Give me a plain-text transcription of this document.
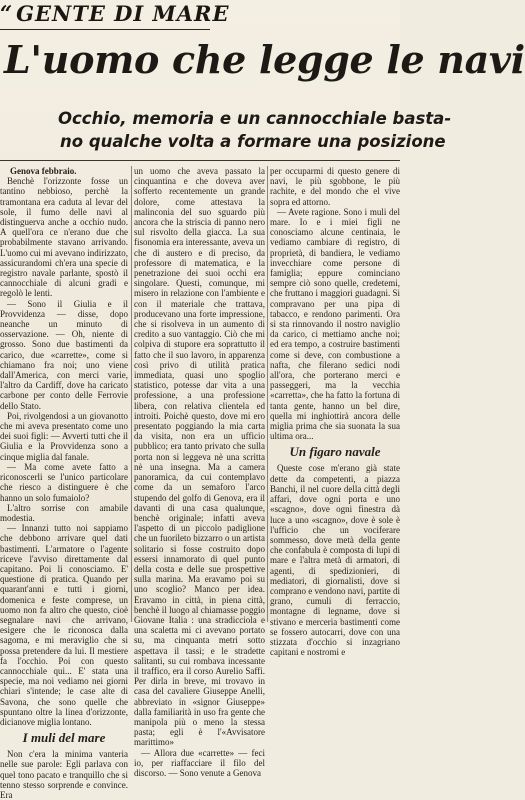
“ GENTE DI MARE
L'uomo che legge le navi
Occhio, memoria e un cannocchiale basta-
no qualche volta a formare una posizione

Genova febbraio.

Benchè l'orizzonte fosse un tantino nebbioso, perchè la tramontana era caduta al levar del sole, il fumo delle navi al distinguerva anche a occhio nudo. A quell'ora ce n'erano due che probabilmente stavano arrivando. L'uomo cui mi avevano indirizzato, assicurandomi ch'era una specie di registro navale parlante, spostò il cannocchiale di alcuni gradi e regolò le lenti.

— Sono il Giulia e il Provvidenza — disse, dopo neanche un minuto di osservazione. — Oh, niente di grosso. Sono due bastimenti da carico, due «carrette», come si chiamano fra noi; uno viene dall'America, con merci varie, l'altro da Cardiff, dove ha caricato carbone per conto delle Ferrovie dello Stato.

Poi, rivolgendosi a un giovanotto che mi aveva presentato come uno dei suoi figli: — Avverti tutti che il Giulia e la Provvidenza sono a cinque miglia dal fanale.

— Ma come avete fatto a riconoscerli se l'unico particolare che riesco a distinguere è che hanno un solo fumaiolo?

L'altro sorrise con amabile modestia.

— Innanzi tutto noi sappiamo che debbono arrivare quel dati bastimenti. L'armatore o l'agente riceve l'avviso direttamente dal capitano. Poi li conosciamo. E' questione di pratica. Quando per quarant'anni e tutti i giorni, domenica e feste comprese, un uomo non fa altro che questo, cioè segnalare navi che arrivano, esigere che le riconosca dalla sagoma, e mi meraviglio che si possa pretendere da lui. Il mestiere fa l'occhio. Poi con questo cannocchiale qui... E' stata una specie, ma noi vediamo nei giorni chiari s'intende; le case alte di Savona, che sono quelle che spuntano oltre la linea d'orizzonte, dicianove miglia lontano.

I muli del mare

Non c'era la minima vanteria nelle sue parole: Egli parlava con quel tono pacato e tranquillo che si tenno stesso sorprende e convince. Era

un uomo che aveva passato la cinquantina e che doveva aver sofferto recentemente un grande dolore, come attestava la malinconia del suo sguardo più ancora che la striscia di panno nero sul risvolto della giacca. La sua fisonomia era interessante, aveva un che di austero e di preciso, da professore di matematica, e la penetrazione dei suoi occhi era singolare. Questi, comunque, mi misero in relazione con l'ambiente e con il materiale che trattava, producevano una forte impressione, che si risolveva in un aumento di credito a suo vantaggio. Ciò che mi colpiva di stupore era soprattutto il fatto che il suo lavoro, in apparenza così privo di utilità pratica immediata, quasi uno spoglio statistico, potesse dar vita a una professione, a una professione libera, con relativa clientela ed introiti. Poichè questo, dove mi ero presentato poggiando la mia carta da visita, non era un ufficio pubblico; era tanto privato che sulla porta non si leggeva nè una scritta nè una insegna. Ma a camera panoramica, da cui contemplavo come da un semaforo l'arco stupendo del golfo di Genova, era il davanti di una casa qualunque, benchè originale; infatti aveva l'aspetto di un piccolo padiglione che un fuorileto bizzarro o un artista solitario si fosse costruito dopo essersi innamorato di quel punto della costa e delle sue prospettive sulla marina. Ma eravamo poi su uno scoglio? Manco per idea. Eravamo in città, in piena città, benchè il luogo al chiamasse poggio Giovane Italia : una stradicciola e una scaletta mi ci avevano portato su, ma cinquanta metri sotto aspettava il tassì; e le stradette salitanti, su cui rombava incessante il traffico, era il corso Aurelio Saffi. Per dirla in breve, mi trovavo in casa del cavaliere Giuseppe Anelli, abbreviato in «signor Giuseppe» dalla familiarità in uso fra gente che manipola più o meno la stessa pasta; egli è l'«Avvisatore marittimo»

— Allora due «carrette» — feci io, per riaffacciare il filo del discorso. — Sono venute a Genova

per occuparmi di questo genere di navi, le più sgobbone, le più rachite, e del mondo che el vive sopra ed attorno.

— Avete ragione. Sono i muli del mare. Io e i miei figli ne conosciamo alcune centinaia, le vediamo cambiare di registro, di proprietà, di bandiera, le vediamo invecchiare come persone di famiglia; eppure cominciano sempre ciò sono quelle, credetemi, che fruttano i maggiori guadagni. Si compravano per una pipa di tabacco, e rendono parimenti. Ora si sta rinnovando il nostro naviglio da carico, ci mettiamo anche noi; ed era tempo, a costruire bastimenti come si deve, con combustione a nafta, che filerano sedici nodi all'ora, che porterano merci e passeggeri, ma la vecchia «carretta», che ha fatto la fortuna di tanta gente, hanno un bel dire, quella mi inghiottirà ancora delle miglia prima che sia suonata la sua ultima ora...

Un figaro navale

Queste cose m'erano già state dette da competenti, a piazza Banchi, il nel cuore della città degli affari, dove ogni porta e uno «scagno», dove ogni finestra dà luce a uno «scagno», dove è sole è l'ufficio che un vociferare sommesso, dove metà della gente che confabula è composta di lupi di mare e l'altra metà di armatori, di agenti, di spedizionieri, di mediatori, di giornalisti, dove si comprano e vendono navi, partite di grano, cumuli di ferraccio, montagne di legname, dove si stivano e merceria bastimenti come se fossero autocarri, dove con una stizzata d'occhio si inzagriano capitani e nostromi e
